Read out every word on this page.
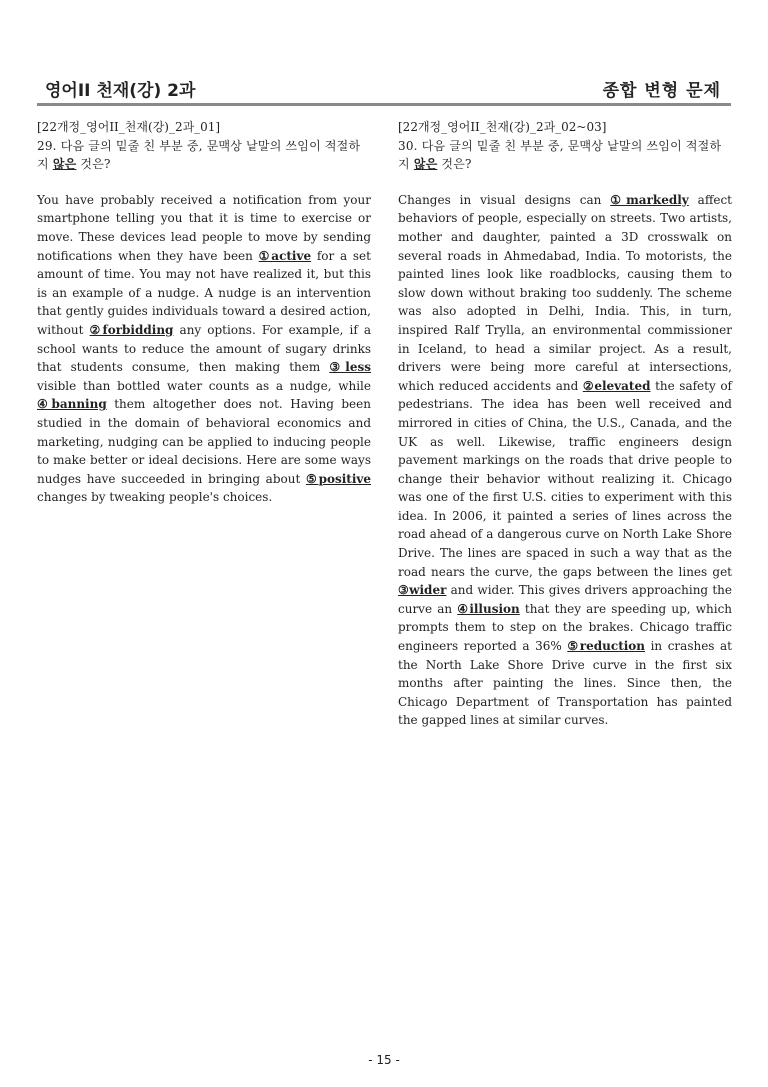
영어II 천재(강) 2과	종합 변형 문제

[22개정_영어II_천재(강)_2과_01]

29. 다음 글의 밑줄 친 부분 중, 문맥상 낱말의 쓰임이 적절하지 않은 것은?

You have probably received a notification from your smartphone telling you that it is time to exercise or move. These devices lead people to move by sending notifications when they have been ①active for a set amount of time. You may not have realized it, but this is an example of a nudge. A nudge is an intervention that gently guides individuals toward a desired action, without ②forbidding any options. For example, if a school wants to reduce the amount of sugary drinks that students consume, then making them ③less visible than bottled water counts as a nudge, while ④banning them altogether does not. Having been studied in the domain of behavioral economics and marketing, nudging can be applied to inducing people to make better or ideal decisions. Here are some ways nudges have succeeded in bringing about ⑤positive changes by tweaking people's choices.

[22개정_영어II_천재(강)_2과_02~03]

30. 다음 글의 밑줄 친 부분 중, 문맥상 낱말의 쓰임이 적절하지 않은 것은?

Changes in visual designs can ①markedly affect behaviors of people, especially on streets. Two artists, mother and daughter, painted a 3D crosswalk on several roads in Ahmedabad, India. To motorists, the painted lines look like roadblocks, causing them to slow down without braking too suddenly. The scheme was also adopted in Delhi, India. This, in turn, inspired Ralf Trylla, an environmental commissioner in Iceland, to head a similar project. As a result, drivers were being more careful at intersections, which reduced accidents and ②elevated the safety of pedestrians. The idea has been well received and mirrored in cities of China, the U.S., Canada, and the UK as well. Likewise, traffic engineers design pavement markings on the roads that drive people to change their behavior without realizing it. Chicago was one of the first U.S. cities to experiment with this idea. In 2006, it painted a series of lines across the road ahead of a dangerous curve on North Lake Shore Drive. The lines are spaced in such a way that as the road nears the curve, the gaps between the lines get ③wider and wider. This gives drivers approaching the curve an ④illusion that they are speeding up, which prompts them to step on the brakes. Chicago traffic engineers reported a 36% ⑤reduction in crashes at the North Lake Shore Drive curve in the first six months after painting the lines. Since then, the Chicago Department of Transportation has painted the gapped lines at similar curves.

- 15 -
